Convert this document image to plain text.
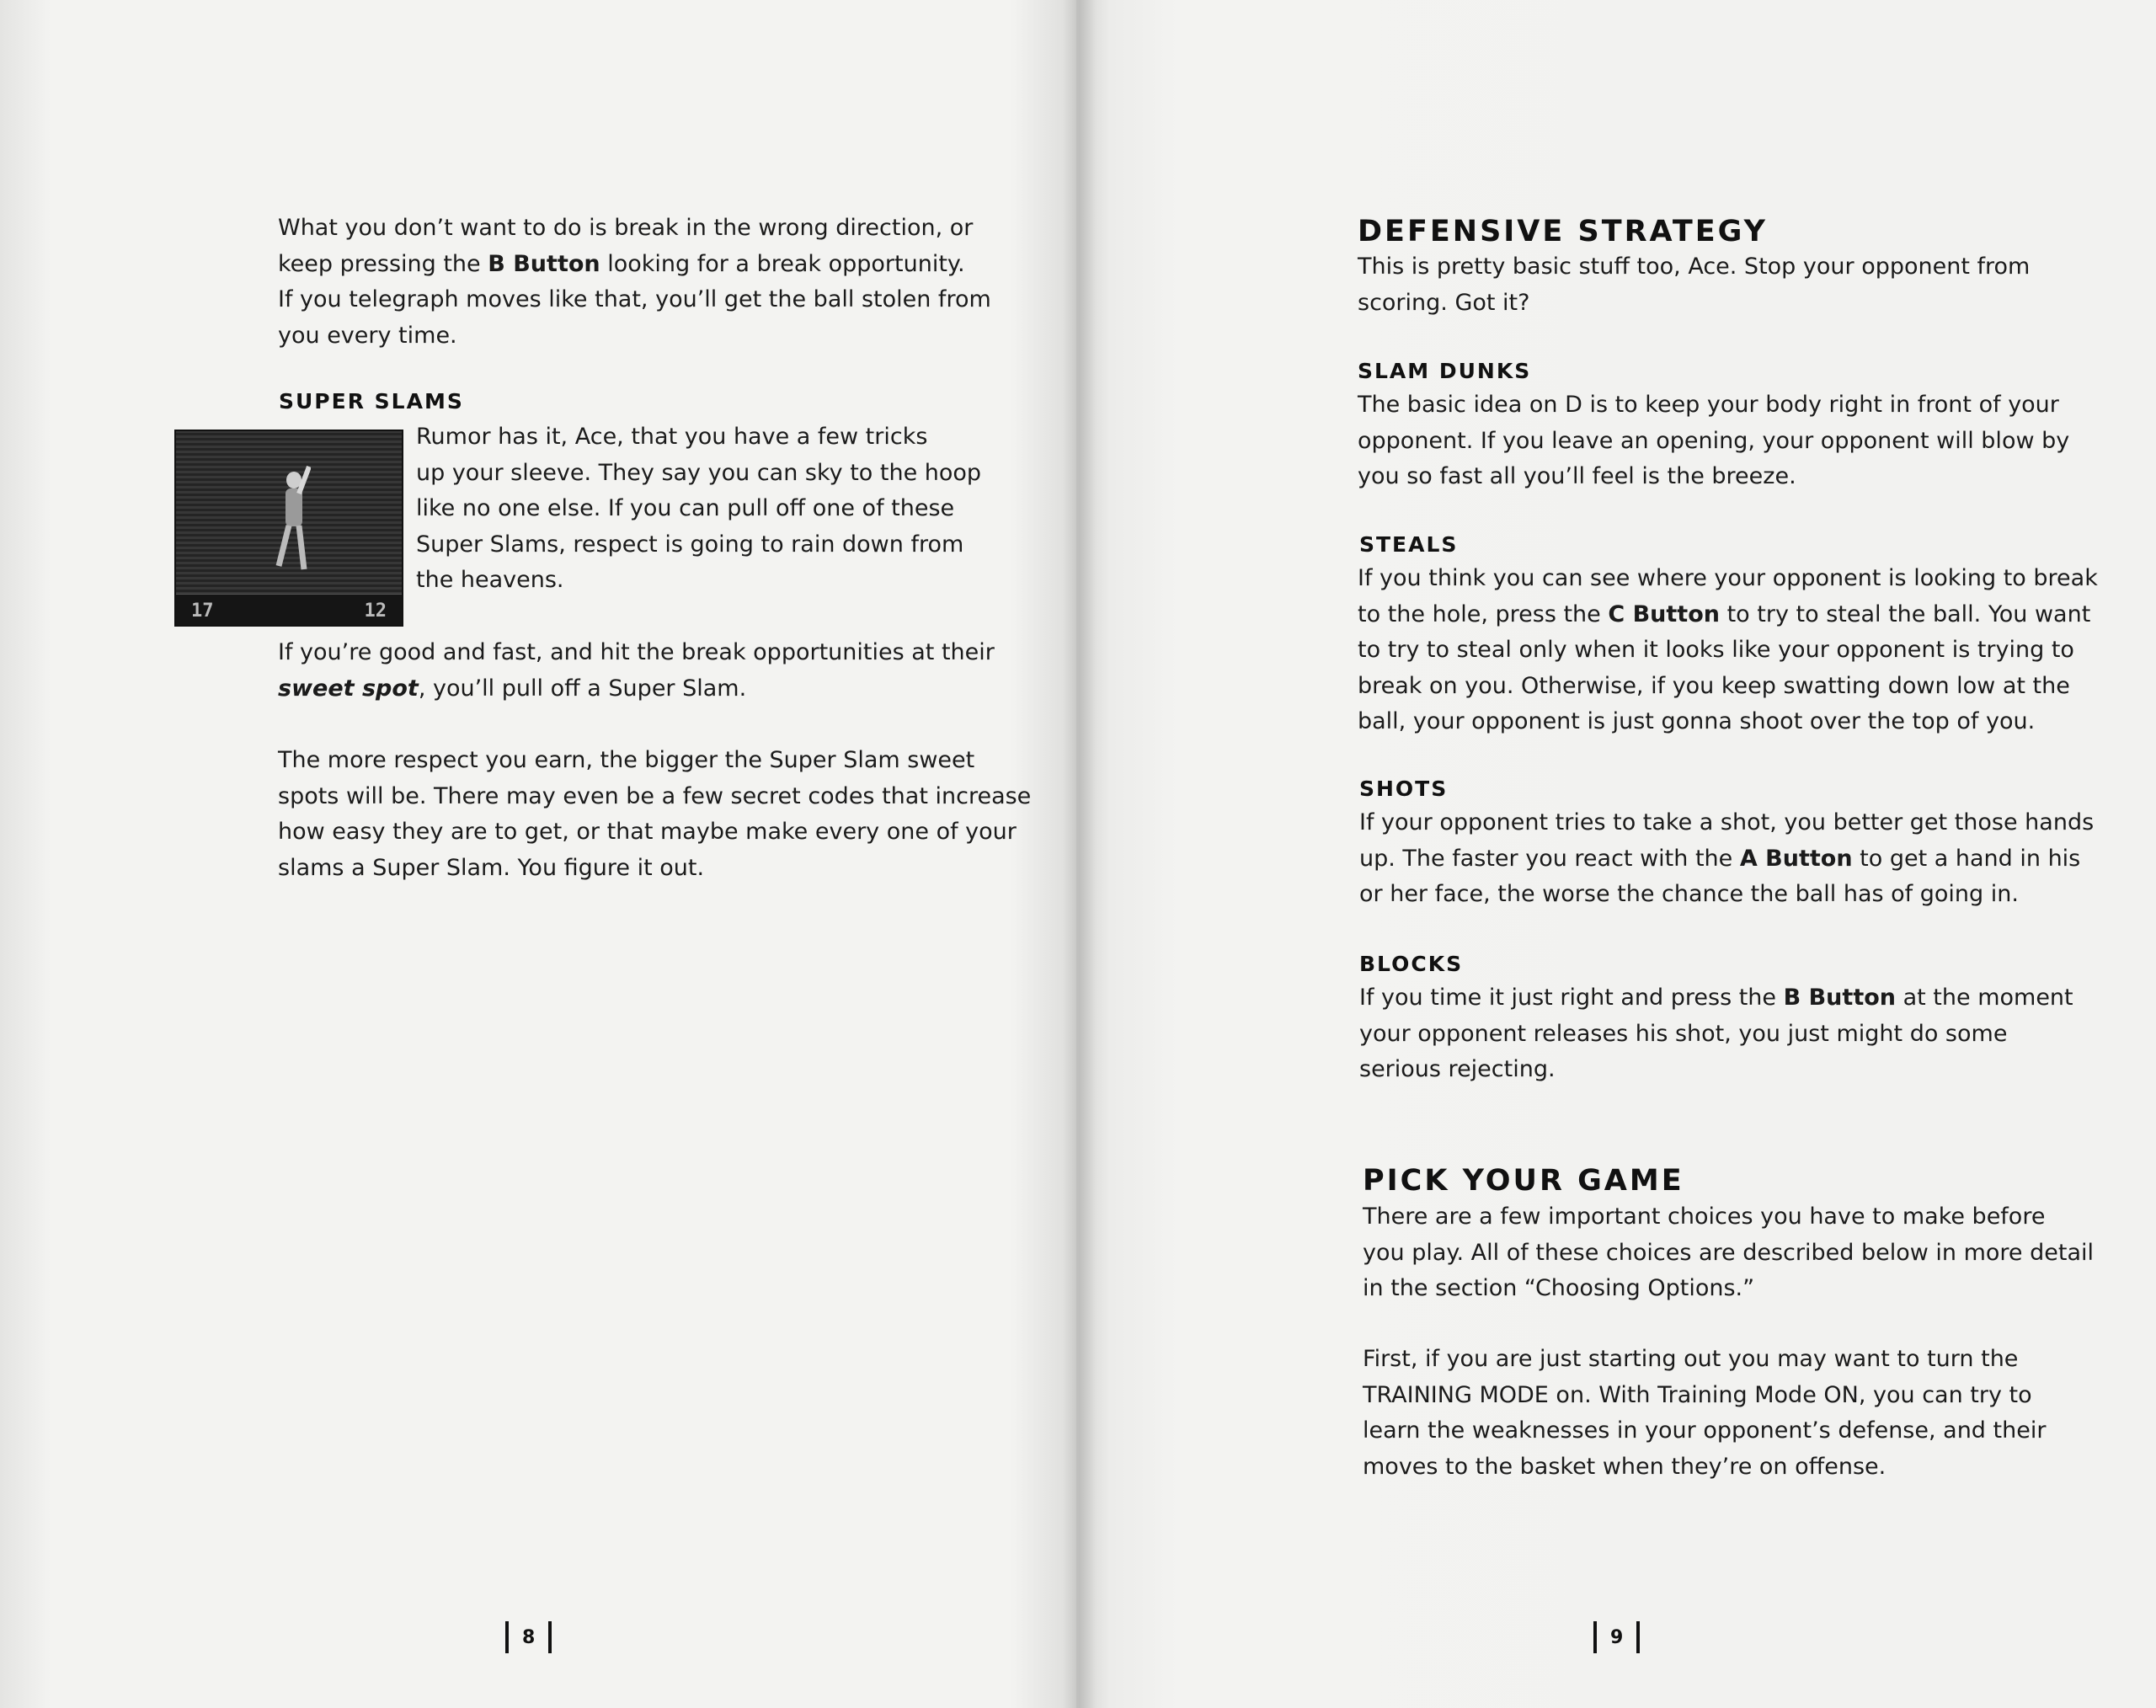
What you don’t want to do is break in the wrong direction, or

keep pressing the B Button looking for a break opportunity.

If you telegraph moves like that, you’ll get the ball stolen from

you every time.

SUPER SLAMS
17	12

Rumor has it, Ace, that you have a few tricks

up your sleeve. They say you can sky to the hoop

like no one else. If you can pull off one of these

Super Slams, respect is going to rain down from

the heavens.

If you’re good and fast, and hit the break opportunities at their

sweet spot, you’ll pull off a Super Slam.

The more respect you earn, the bigger the Super Slam sweet

spots will be. There may even be a few secret codes that increase

how easy they are to get, or that maybe make every one of your

slams a Super Slam. You figure it out.

8
DEFENSIVE STRATEGY

This is pretty basic stuff too, Ace. Stop your opponent from

scoring. Got it?

SLAM DUNKS

The basic idea on D is to keep your body right in front of your

opponent. If you leave an opening, your opponent will blow by

you so fast all you’ll feel is the breeze.

STEALS

If you think you can see where your opponent is looking to break

to the hole, press the C Button to try to steal the ball. You want

to try to steal only when it looks like your opponent is trying to

break on you. Otherwise, if you keep swatting down low at the

ball, your opponent is just gonna shoot over the top of you.

SHOTS

If your opponent tries to take a shot, you better get those hands

up. The faster you react with the A Button to get a hand in his

or her face, the worse the chance the ball has of going in.

BLOCKS

If you time it just right and press the B Button at the moment

your opponent releases his shot, you just might do some

serious rejecting.

PICK YOUR GAME

There are a few important choices you have to make before

you play. All of these choices are described below in more detail

in the section “Choosing Options.”

First, if you are just starting out you may want to turn the

TRAINING MODE on. With Training Mode ON, you can try to

learn the weaknesses in your opponent’s defense, and their

moves to the basket when they’re on offense.

9
